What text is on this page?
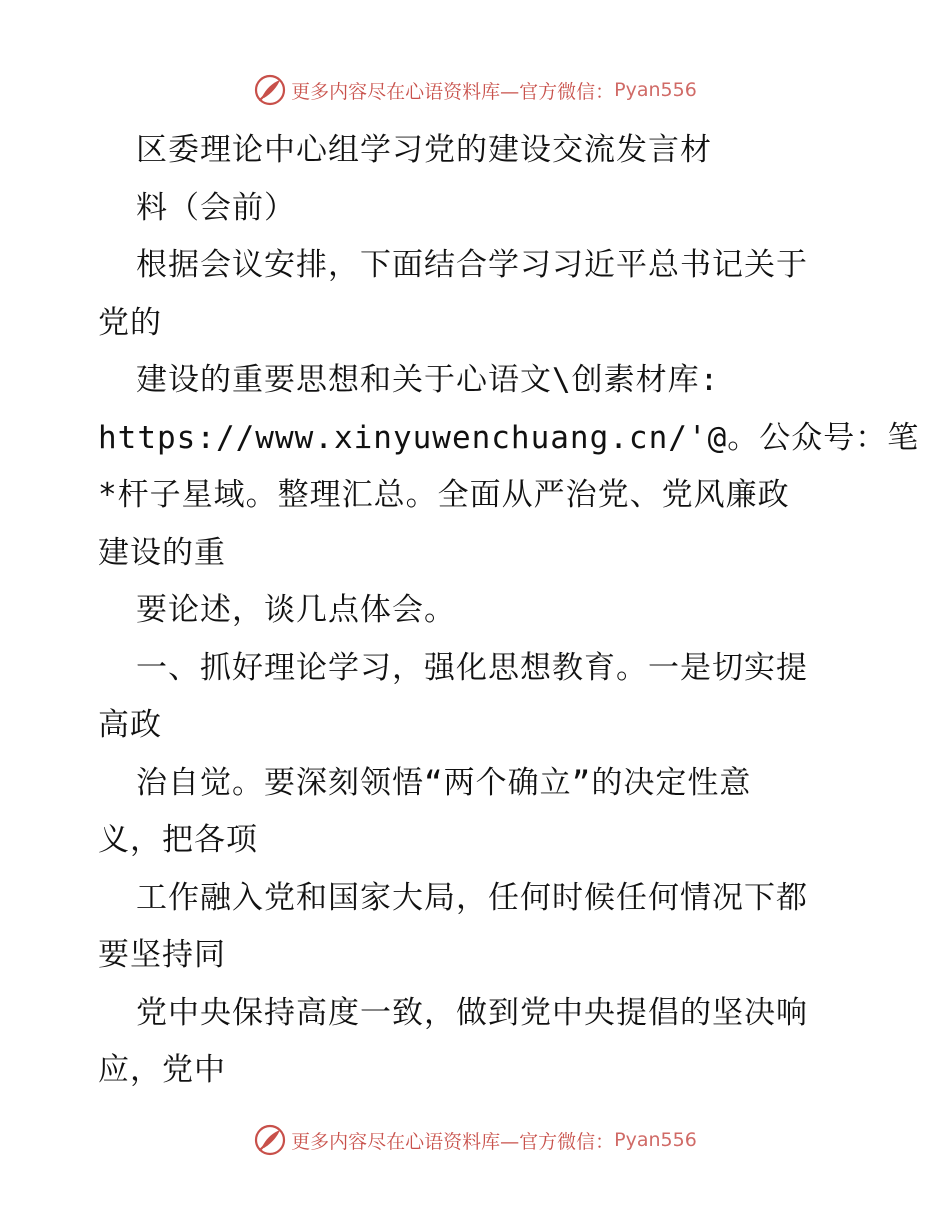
更多内容尽在心语资料库—官方微信： Pyan556
区委理论中心组学习党的建设交流发言材
料（会前）
根据会议安排，下面结合学习习近平总书记关于
党的
建设的重要思想和关于心语文\创素材库:
https://www.xinyuwenchuang.cn/'@。公众号：笔
*杆子星域。整理汇总。全面从严治党、党风廉政
建设的重
要论述，谈几点体会。
一、抓好理论学习，强化思想教育。一是切实提
高政
治自觉。要深刻领悟“两个确立”的决定性意
义，把各项
工作融入党和国家大局，任何时候任何情况下都
要坚持同
党中央保持高度一致，做到党中央提倡的坚决响
应，党中
更多内容尽在心语资料库—官方微信： Pyan556
